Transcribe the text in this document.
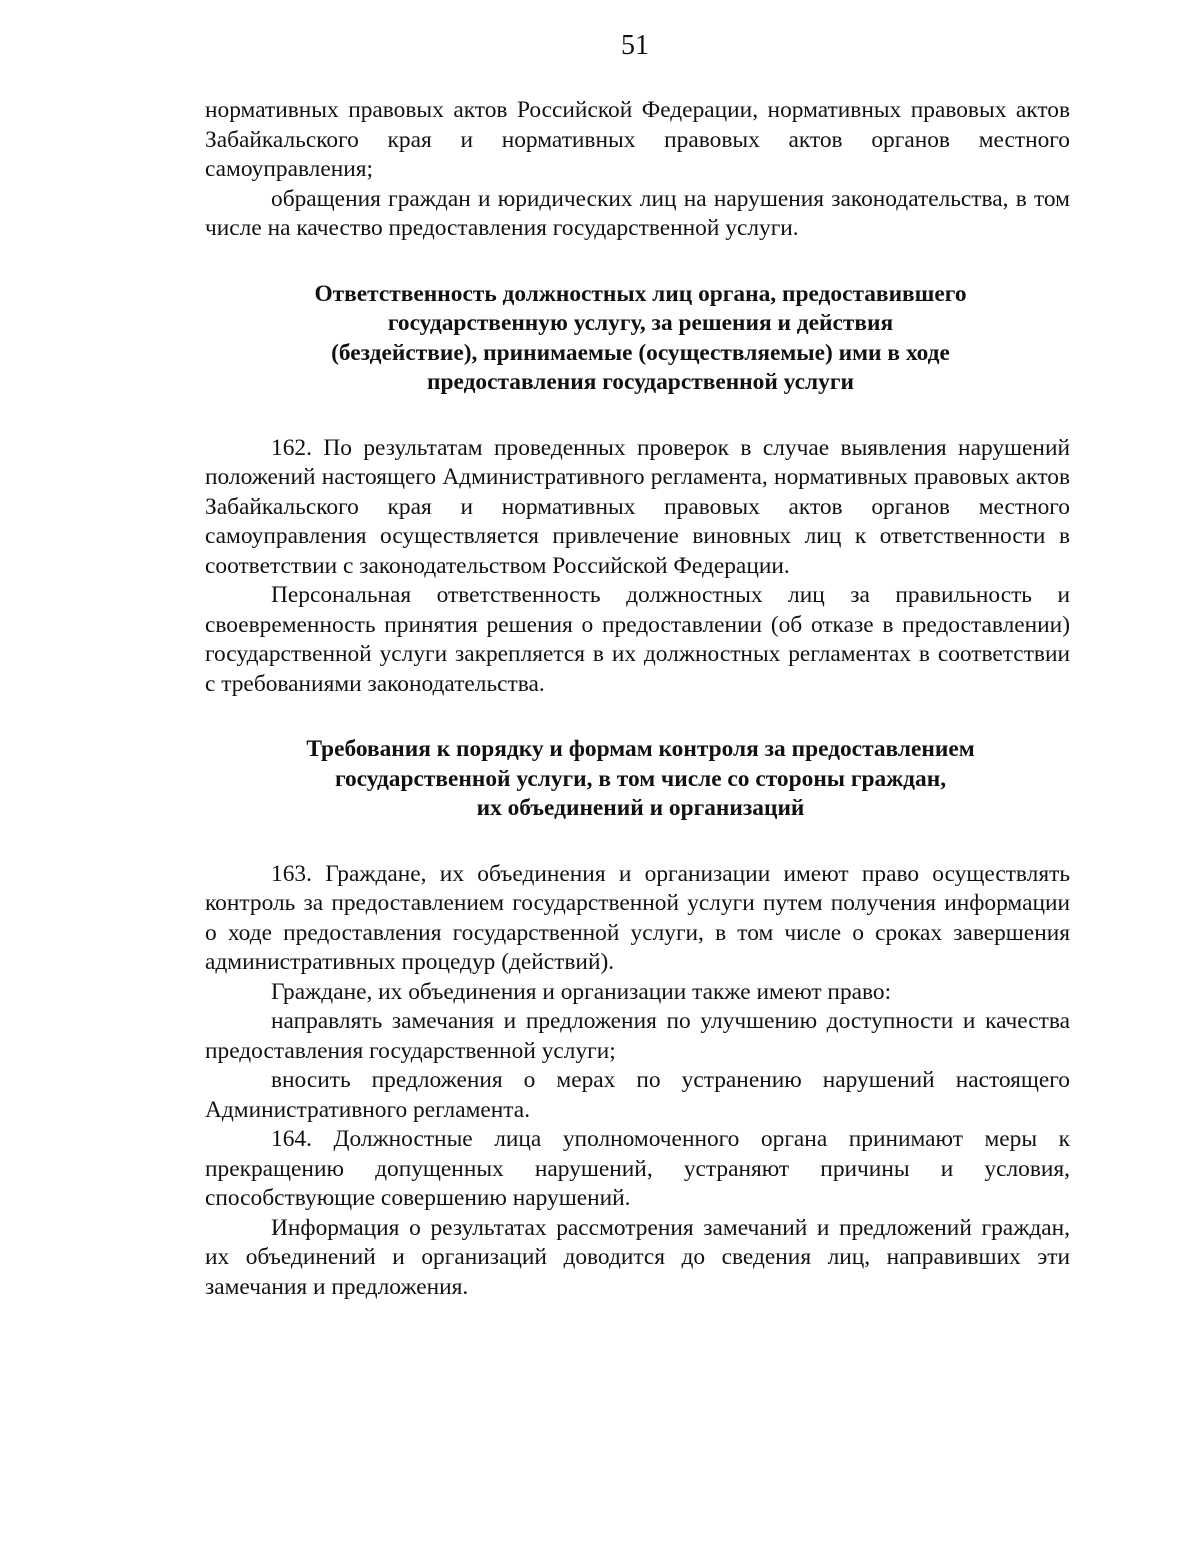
51

нормативных правовых актов Российской Федерации, нормативных правовых актов Забайкальского края и нормативных правовых актов органов местного самоуправления;

обращения граждан и юридических лиц на нарушения законодательства, в том числе на качество предоставления государственной услуги.

Ответственность должностных лиц органа, предоставившего
государственную услугу, за решения и действия
(бездействие), принимаемые (осуществляемые) ими в ходе
предоставления государственной услуги

162. По результатам проведенных проверок в случае выявления нарушений положений настоящего Административного регламента, нормативных правовых актов Забайкальского края и нормативных правовых актов органов местного самоуправления осуществляется привлечение виновных лиц к ответственности в соответствии с законодательством Российской Федерации.

Персональная ответственность должностных лиц за правильность и своевременность принятия решения о предоставлении (об отказе в предоставлении) государственной услуги закрепляется в их должностных регламентах в соответствии с требованиями законодательства.

Требования к порядку и формам контроля за предоставлением
государственной услуги, в том числе со стороны граждан,
их объединений и организаций

163. Граждане, их объединения и организации имеют право осуществлять контроль за предоставлением государственной услуги путем получения информации о ходе предоставления государственной услуги, в том числе о сроках завершения административных процедур (действий).

Граждане, их объединения и организации также имеют право:

направлять замечания и предложения по улучшению доступности и качества предоставления государственной услуги;

вносить предложения о мерах по устранению нарушений настоящего Административного регламента.

164. Должностные лица уполномоченного органа принимают меры к прекращению допущенных нарушений, устраняют причины и условия, способствующие совершению нарушений.

Информация о результатах рассмотрения замечаний и предложений граждан, их объединений и организаций доводится до сведения лиц, направивших эти замечания и предложения.
